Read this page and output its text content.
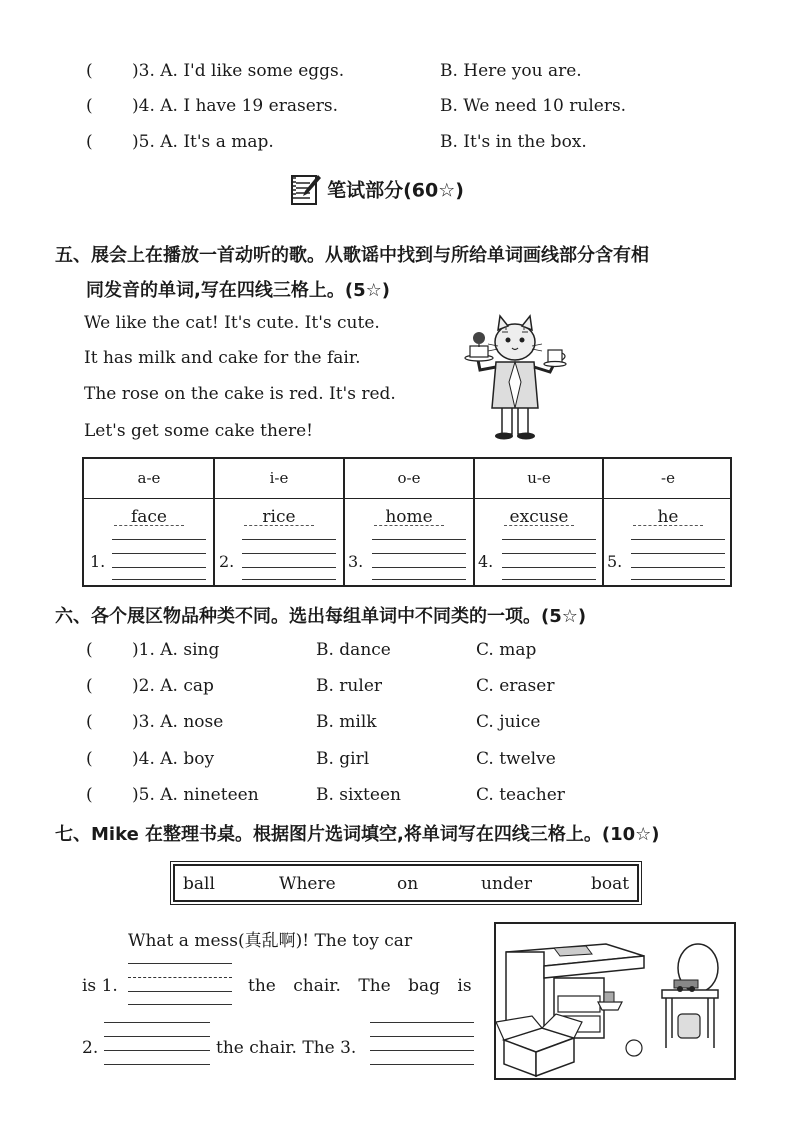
( )3. A. I'd like some eggs.	B. Here you are.
( )4. A. I have 19 erasers.	B. We need 10 rulers.
( )5. A. It's a map.	B. It's in the box.
笔试部分(60☆)
五、展会上在播放一首动听的歌。从歌谣中找到与所给单词画线部分含有相
同发音的单词,写在四线三格上。(5☆)
We like the cat! It's cute. It's cute.
It has milk and cake for the fair.
The rose on the cake is red. It's red.
Let's get some cake there!
a-e	i-e	o-e	u-e	-e
face	rice	home	excuse	he
1.	2.	3.	4.	5.
六、各个展区物品种类不同。选出每组单词中不同类的一项。(5☆)
( )1. A. sing	B. dance	C. map
( )2. A. cap	B. ruler	C. eraser
( )3. A. nose	B. milk	C. juice
( )4. A. boy	B. girl	C. twelve
( )5. A. nineteen	B. sixteen	C. teacher
七、Mike 在整理书桌。根据图片选词填空,将单词写在四线三格上。(10☆)
ball	Where	on	under	boat
What a mess(真乱啊)! The toy car
is 1.	the chair. The bag is
2.	the chair. The 3.
